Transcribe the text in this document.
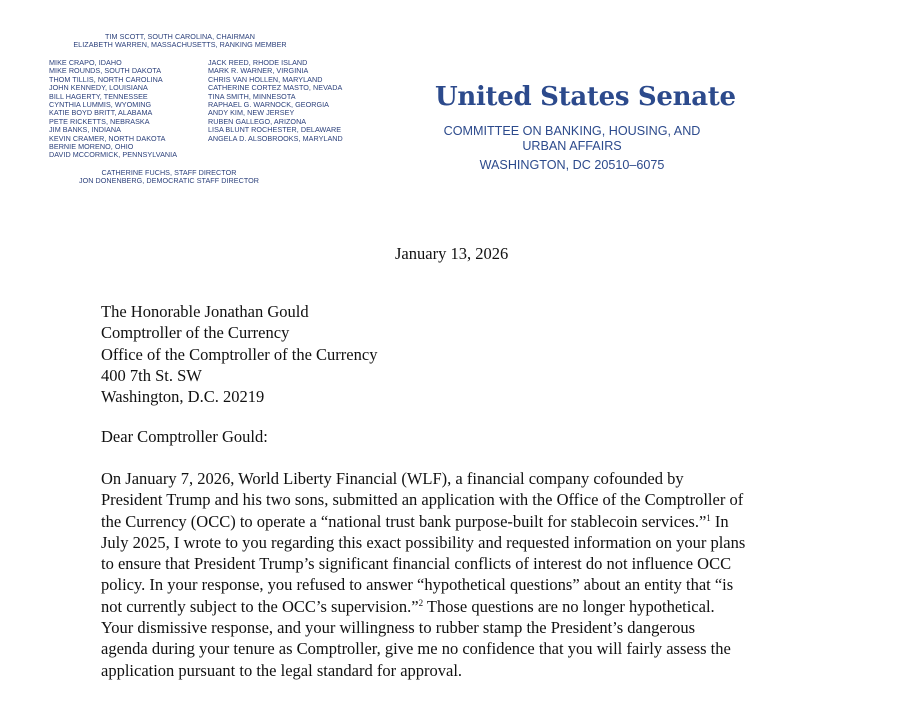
TIM SCOTT, SOUTH CAROLINA, CHAIRMAN
ELIZABETH WARREN, MASSACHUSETTS, RANKING MEMBER
MIKE CRAPO, IDAHO
MIKE ROUNDS, SOUTH DAKOTA
THOM TILLIS, NORTH CAROLINA
JOHN KENNEDY, LOUISIANA
BILL HAGERTY, TENNESSEE
CYNTHIA LUMMIS, WYOMING
KATIE BOYD BRITT, ALABAMA
PETE RICKETTS, NEBRASKA
JIM BANKS, INDIANA
KEVIN CRAMER, NORTH DAKOTA
BERNIE MORENO, OHIO
DAVID MCCORMICK, PENNSYLVANIA
JACK REED, RHODE ISLAND
MARK R. WARNER, VIRGINIA
CHRIS VAN HOLLEN, MARYLAND
CATHERINE CORTEZ MASTO, NEVADA
TINA SMITH, MINNESOTA
RAPHAEL G. WARNOCK, GEORGIA
ANDY KIM, NEW JERSEY
RUBEN GALLEGO, ARIZONA
LISA BLUNT ROCHESTER, DELAWARE
ANGELA D. ALSOBROOKS, MARYLAND
CATHERINE FUCHS, STAFF DIRECTOR
JON DONENBERG, DEMOCRATIC STAFF DIRECTOR
United States Senate
COMMITTEE ON BANKING, HOUSING, AND
URBAN AFFAIRS
WASHINGTON, DC 20510–6075
January 13, 2026
The Honorable Jonathan Gould
Comptroller of the Currency
Office of the Comptroller of the Currency
400 7th St. SW
Washington, D.C. 20219
Dear Comptroller Gould:
On January 7, 2026, World Liberty Financial (WLF), a financial company cofounded by
President Trump and his two sons, submitted an application with the Office of the Comptroller of
the Currency (OCC) to operate a “national trust bank purpose-built for stablecoin services.”$^1$ In
July 2025, I wrote to you regarding this exact possibility and requested information on your plans
to ensure that President Trump’s significant financial conflicts of interest do not influence OCC
policy. In your response, you refused to answer “hypothetical questions” about an entity that “is
not currently subject to the OCC’s supervision.”$^2$ Those questions are no longer hypothetical.
Your dismissive response, and your willingness to rubber stamp the President’s dangerous
agenda during your tenure as Comptroller, give me no confidence that you will fairly assess the
application pursuant to the legal standard for approval.
